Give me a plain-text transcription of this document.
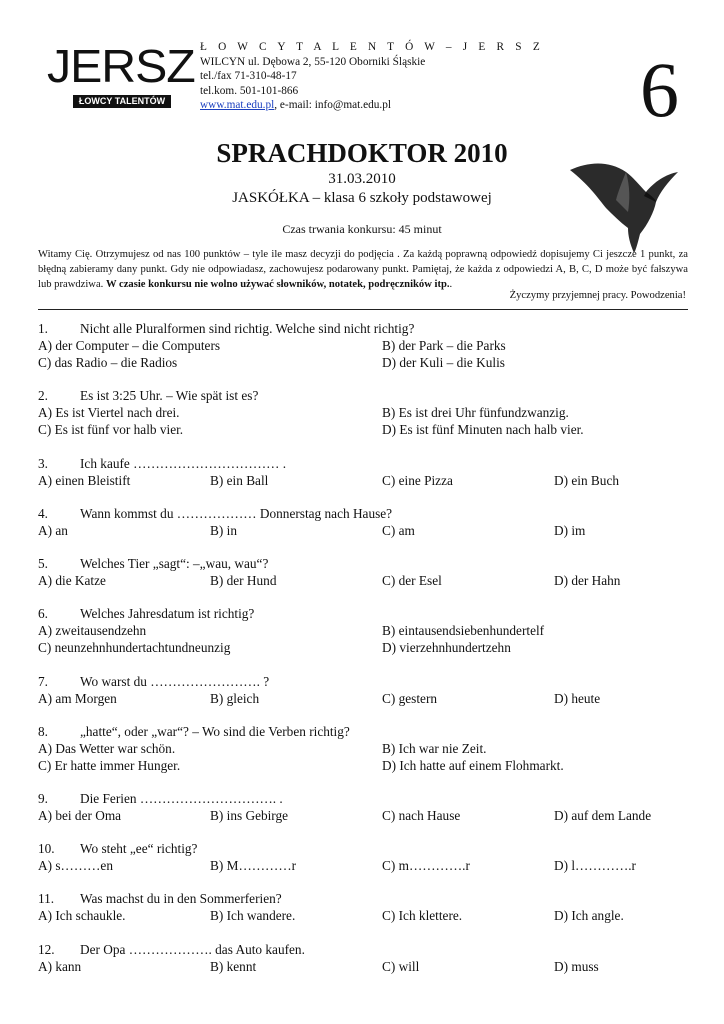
JERSZ
ŁOWCY TALENTÓW
Ł O W C Y T A L E N T Ó W – J E R S Z
WILCYN ul. Dębowa 2, 55-120 Oborniki Śląskie
tel./fax 71-310-48-17
tel.kom. 501-101-866
www.mat.edu.pl, e-mail: info@mat.edu.pl	6
SPRACHDOKTOR 2010
31.03.2010
JASKÓŁKA – klasa 6 szkoły podstawowej
Czas trwania konkursu: 45 minut
Witamy Cię. Otrzymujesz od nas 100 punktów – tyle ile masz decyzji do podjęcia . Za każdą poprawną odpowiedź dopisujemy Ci jeszcze 1 punkt, za błędną zabieramy dany punkt. Gdy nie odpowiadasz, zachowujesz podarowany punkt. Pamiętaj, że każda z odpowiedzi A, B, C, D może być fałszywa lub prawdziwa. W czasie konkursu nie wolno używać słowników, notatek, podręczników itp..
Życzymy przyjemnej pracy. Powodzenia!
1. Nicht alle Pluralformen sind richtig. Welche sind nicht richtig?
A) der Computer – die Computers	B) der Park – die Parks
C) das Radio – die Radios	D) der Kuli – die Kulis
2. Es ist 3:25 Uhr. – Wie spät ist es?
A) Es ist Viertel nach drei.	B) Es ist drei Uhr fünfundzwanzig.
C) Es ist fünf vor halb vier.	D) Es ist fünf Minuten nach halb vier.
3. Ich kaufe …………………………… .
A) einen Bleistift	B) ein Ball	C) eine Pizza	D) ein Buch
4. Wann kommst du ……………… Donnerstag nach Hause?
A) an	B) in	C) am	D) im
5. Welches Tier „sagt“: –„wau, wau“?
A) die Katze	B) der Hund	C) der Esel	D) der Hahn
6. Welches Jahresdatum ist richtig?
A) zweitausendzehn	B) eintausendsiebenhundertelf
C) neunzehnhundertachtundneunzig	D) vierzehnhundertzehn
7. Wo warst du ……………………. ?
A) am Morgen	B) gleich	C) gestern	D) heute
8. „hatte“, oder „war“? – Wo sind die Verben richtig?
A) Das Wetter war schön.	B) Ich war nie Zeit.
C) Er hatte immer Hunger.	D) Ich hatte auf einem Flohmarkt.
9. Die Ferien …………………………. .
A) bei der Oma	B) ins Gebirge	C) nach Hause	D) auf dem Lande
10. Wo steht „ee“ richtig?
A) s………en	B) M…………r	C) m………….r	D) l………….r
11. Was machst du in den Sommerferien?
A) Ich schaukle.	B) Ich wandere.	C) Ich klettere.	D) Ich angle.
12. Der Opa ………………. das Auto kaufen.
A) kann	B) kennt	C) will	D) muss
